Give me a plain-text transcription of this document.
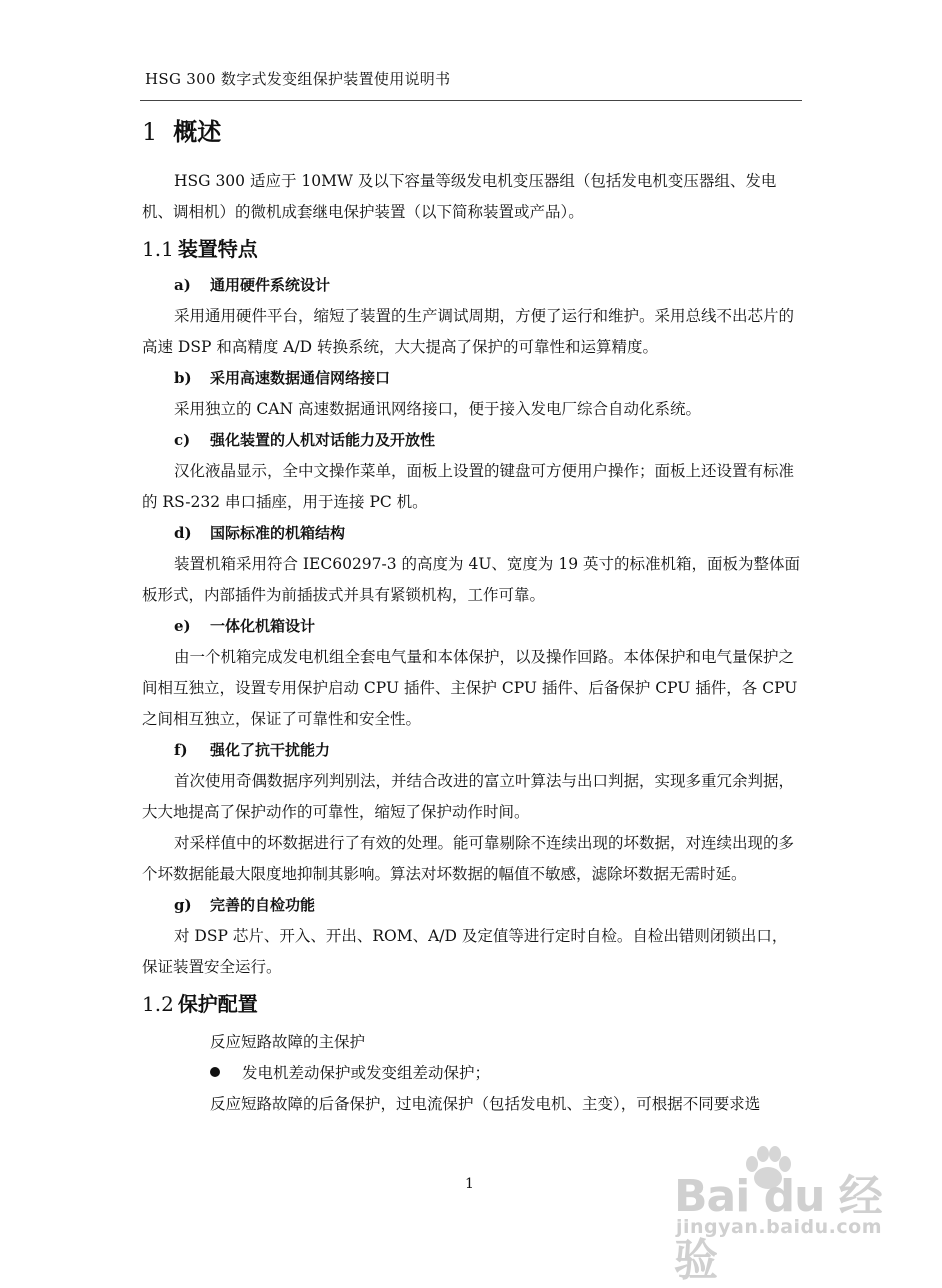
HSG 300 数字式发变组保护装置使用说明书
1 概述

HSG 300 适应于 10MW 及以下容量等级发电机变压器组（包括发电机变压器组、发电机、调相机）的微机成套继电保护装置（以下简称装置或产品）。

1.1 装置特点
a) 通用硬件系统设计

采用通用硬件平台，缩短了装置的生产调试周期，方便了运行和维护。采用总线不出芯片的高速 DSP 和高精度 A/D 转换系统，大大提高了保护的可靠性和运算精度。

b) 采用高速数据通信网络接口

采用独立的 CAN 高速数据通讯网络接口，便于接入发电厂综合自动化系统。

c) 强化装置的人机对话能力及开放性

汉化液晶显示，全中文操作菜单，面板上设置的键盘可方便用户操作；面板上还设置有标准的 RS-232 串口插座，用于连接 PC 机。

d) 国际标准的机箱结构

装置机箱采用符合 IEC60297-3 的高度为 4U、宽度为 19 英寸的标准机箱，面板为整体面板形式，内部插件为前插拔式并具有紧锁机构，工作可靠。

e) 一体化机箱设计

由一个机箱完成发电机组全套电气量和本体保护，以及操作回路。本体保护和电气量保护之间相互独立，设置专用保护启动 CPU 插件、主保护 CPU 插件、后备保护 CPU 插件，各 CPU 之间相互独立，保证了可靠性和安全性。

f) 强化了抗干扰能力

首次使用奇偶数据序列判别法，并结合改进的富立叶算法与出口判据，实现多重冗余判据，大大地提高了保护动作的可靠性，缩短了保护动作时间。

对采样值中的坏数据进行了有效的处理。能可靠剔除不连续出现的坏数据，对连续出现的多个坏数据能最大限度地抑制其影响。算法对坏数据的幅值不敏感，滤除坏数据无需时延。

g) 完善的自检功能

对 DSP 芯片、开入、开出、ROM、A/D 及定值等进行定时自检。自检出错则闭锁出口，保证装置安全运行。

1.2 保护配置
反应短路故障的主保护
发电机差动保护或发变组差动保护；
反应短路故障的后备保护，过电流保护（包括发电机、主变），可根据不同要求选
1	Bai du 经验
jingyan.baidu.com
